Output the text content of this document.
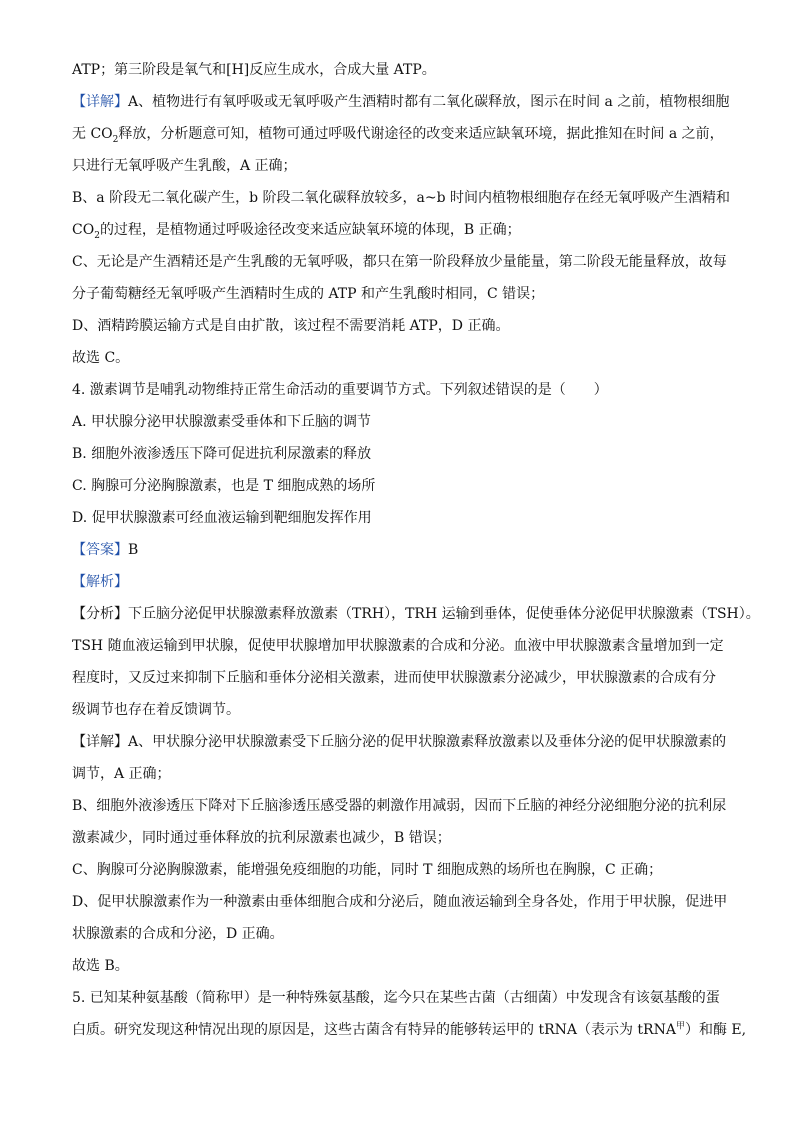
ATP；第三阶段是氧气和[H]反应生成水，合成大量 ATP。

【详解】A、植物进行有氧呼吸或无氧呼吸产生酒精时都有二氧化碳释放，图示在时间 a 之前，植物根细胞

无 $CO_2$释放，分析题意可知，植物可通过呼吸代谢途径的改变来适应缺氧环境，据此推知在时间 a 之前，

只进行无氧呼吸产生乳酸，A 正确；

B、a 阶段无二氧化碳产生，b 阶段二氧化碳释放较多，a~b 时间内植物根细胞存在经无氧呼吸产生酒精和

$CO_2$的过程，是植物通过呼吸途径改变来适应缺氧环境的体现，B 正确；

C、无论是产生酒精还是产生乳酸的无氧呼吸，都只在第一阶段释放少量能量，第二阶段无能量释放，故每

分子葡萄糖经无氧呼吸产生酒精时生成的 ATP 和产生乳酸时相同，C 错误；

D、酒精跨膜运输方式是自由扩散，该过程不需要消耗 ATP，D 正确。

故选 C。

4. 激素调节是哺乳动物维持正常生命活动的重要调节方式。下列叙述错误的是（　　）

A. 甲状腺分泌甲状腺激素受垂体和下丘脑的调节

B. 细胞外液渗透压下降可促进抗利尿激素的释放

C. 胸腺可分泌胸腺激素，也是 T 细胞成熟的场所

D. 促甲状腺激素可经血液运输到靶细胞发挥作用

【答案】B

【解析】

【分析】下丘脑分泌促甲状腺激素释放激素（TRH），TRH 运输到垂体，促使垂体分泌促甲状腺激素（TSH）。

TSH 随血液运输到甲状腺，促使甲状腺增加甲状腺激素的合成和分泌。血液中甲状腺激素含量增加到一定

程度时，又反过来抑制下丘脑和垂体分泌相关激素，进而使甲状腺激素分泌减少，甲状腺激素的合成有分

级调节也存在着反馈调节。

【详解】A、甲状腺分泌甲状腺激素受下丘脑分泌的促甲状腺激素释放激素以及垂体分泌的促甲状腺激素的

调节，A 正确；

B、细胞外液渗透压下降对下丘脑渗透压感受器的刺激作用减弱，因而下丘脑的神经分泌细胞分泌的抗利尿

激素减少，同时通过垂体释放的抗利尿激素也减少，B 错误；

C、胸腺可分泌胸腺激素，能增强免疫细胞的功能，同时 T 细胞成熟的场所也在胸腺，C 正确；

D、促甲状腺激素作为一种激素由垂体细胞合成和分泌后，随血液运输到全身各处，作用于甲状腺，促进甲

状腺激素的合成和分泌，D 正确。

故选 B。

5. 已知某种氨基酸（简称甲）是一种特殊氨基酸，迄今只在某些古菌（古细菌）中发现含有该氨基酸的蛋

白质。研究发现这种情况出现的原因是，这些古菌含有特异的能够转运甲的 tRNA（表示为 tRNA$^甲$）和酶 E,
